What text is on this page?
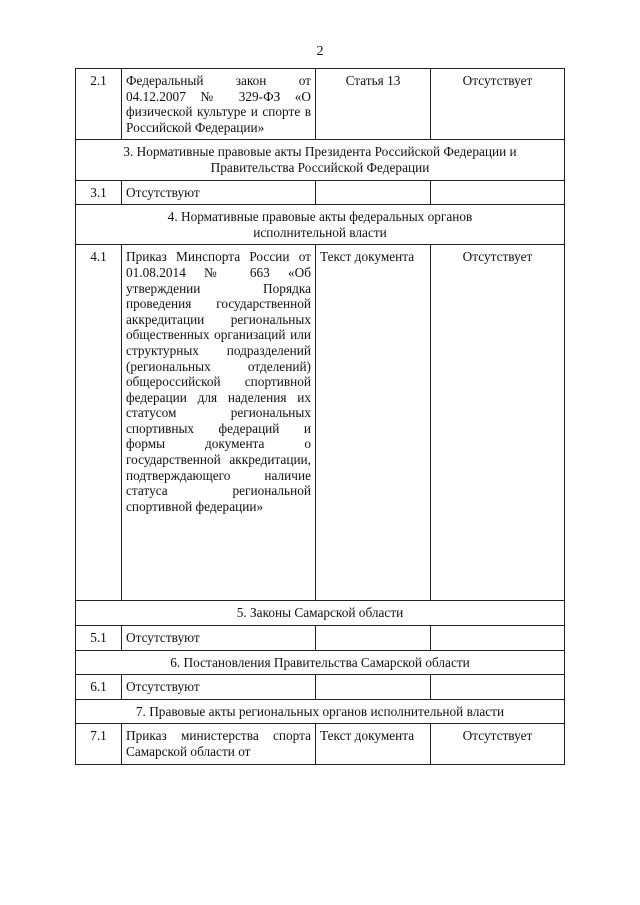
2
2.1	Федеральный закон от 04.12.2007 № 329-ФЗ «О физической культуре и спорте в Российской Федерации»	Статья 13	Отсутствует

3. Нормативные правовые акты Президента Российской Федерации и
Правительства Российской Федерации			

3.1	Отсутствуют		

4. Нормативные правовые акты федеральных органов
исполнительной власти			

4.1	Приказ Минспорта России от 01.08.2014 № 663 «Об утверждении Порядка проведения государственной аккредитации региональных общественных организаций или структурных подразделений (региональных отделений) общероссийской спортивной федерации для наделения их статусом региональных спортивных федераций и формы документа о государственной аккредитации, подтверждающего наличие статуса региональной спортивной федерации»	Текст документа	Отсутствует

5. Законы Самарской области			

5.1	Отсутствуют		

6. Постановления Правительства Самарской области			

6.1	Отсутствуют		

7. Правовые акты региональных органов исполнительной власти			

7.1	Приказ министерства спорта Самарской области от	Текст документа	Отсутствует
